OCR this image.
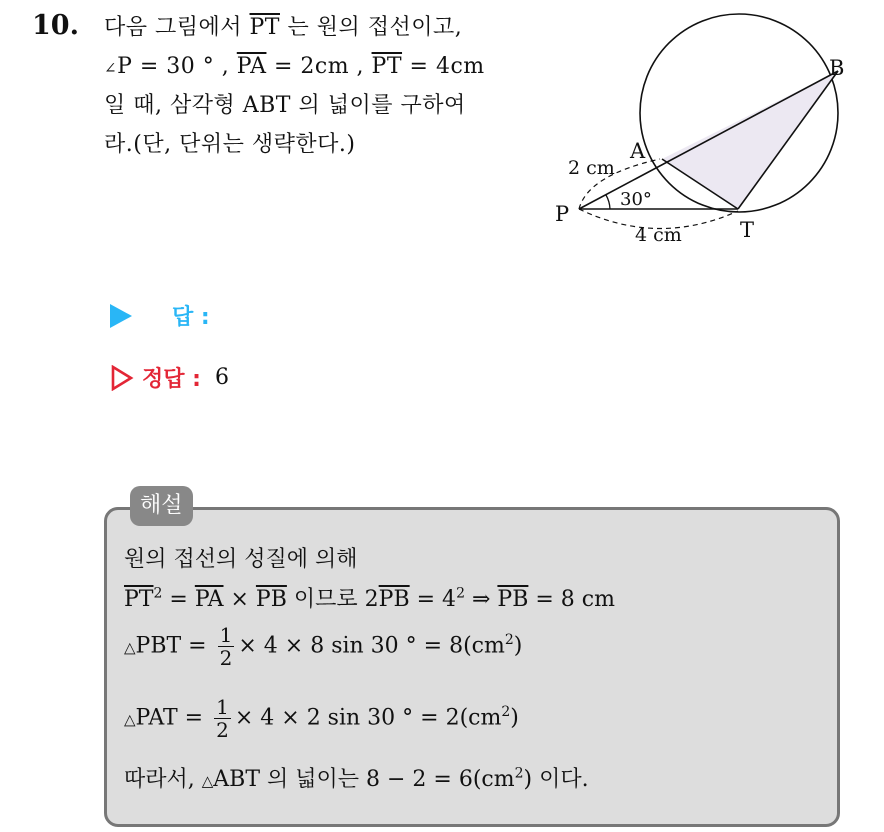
10. 다음 그림에서 $\overline{PT}$ 는 원의 접선이고,
∠P = 30 ° , $\overline{PA} = 2cm$ , $\overline{PT} = 4cm$
일 때, 삼각형 ABT 의 넓이를 구하여
라.(단, 단위는 생략한다.)
B
A
P
T
2 cm
30°
4 cm
답 :
정답 : 6
해설
원의 접선의 성질에 의해
$\overline{PT}^2 = \overline{PA} \times \overline{PB}$ 이므로 $2\overline{PB} = 4^2$ ⇒ $\overline{PB} = 8$ cm
△PBT = $\frac{1}{2} \times 4 \times 8$ sin 30 ° = $8(cm^2)$
△PAT = $\frac{1}{2} \times 4 \times 2$ sin 30 ° = $2(cm^2)$
따라서, △ABT 의 넓이는 $8 - 2 = 6(cm^2)$ 이다.
